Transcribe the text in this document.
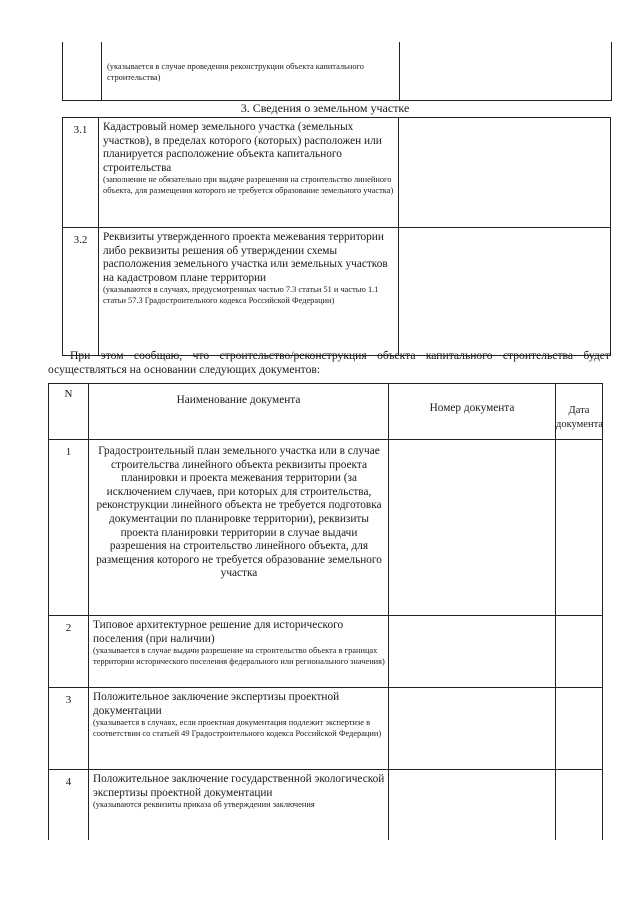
(указывается в случае проведения реконструкции объекта капитального строительства)
3. Сведения о земельном участке
3.1	Кадастровый номер земельного участка (земельных участков), в пределах которого (которых) расположен или планируется расположение объекта капитального строительства
(заполнение не обязательно при выдаче разрешения на строительство линейного объекта, для размещения которого не требуется образование земельного участка)	

3.2	Реквизиты утвержденного проекта межевания территории либо реквизиты решения об утверждении схемы расположения земельного участка или земельных участков на кадастровом плане территории
(указываются в случаях, предусмотренных частью 7.3 статьи 51 и частью 1.1 статьи 57.3 Градостроительного кодекса Российской Федерации)	

При этом сообщаю, что строительство/реконструкция объекта капитального строительства будет осуществляться на основании следующих документов:
N	Наименование документа	Номер документа	Дата документа
1	Градостроительный план земельного участка или в случае строительства линейного объекта реквизиты проекта планировки и проекта межевания территории (за исключением случаев, при которых для строительства, реконструкции линейного объекта не требуется подготовка документации по планировке территории), реквизиты проекта планировки территории в случае выдачи разрешения на строительство линейного объекта, для размещения которого не требуется образование земельного участка		

2	Типовое архитектурное решение для исторического поселения (при наличии)
(указывается в случае выдачи разрешение на строительство объекта в границах территории исторического поселения федерального или регионального значения)		

3	Положительное заключение экспертизы проектной документации
(указывается в случаях, если проектная документация подлежит экспертизе в соответствии со статьей 49 Градостроительного кодекса Российской Федерации)		

4	Положительное заключение государственной экологической экспертизы проектной документации
(указываются реквизиты приказа об утверждении заключения		
